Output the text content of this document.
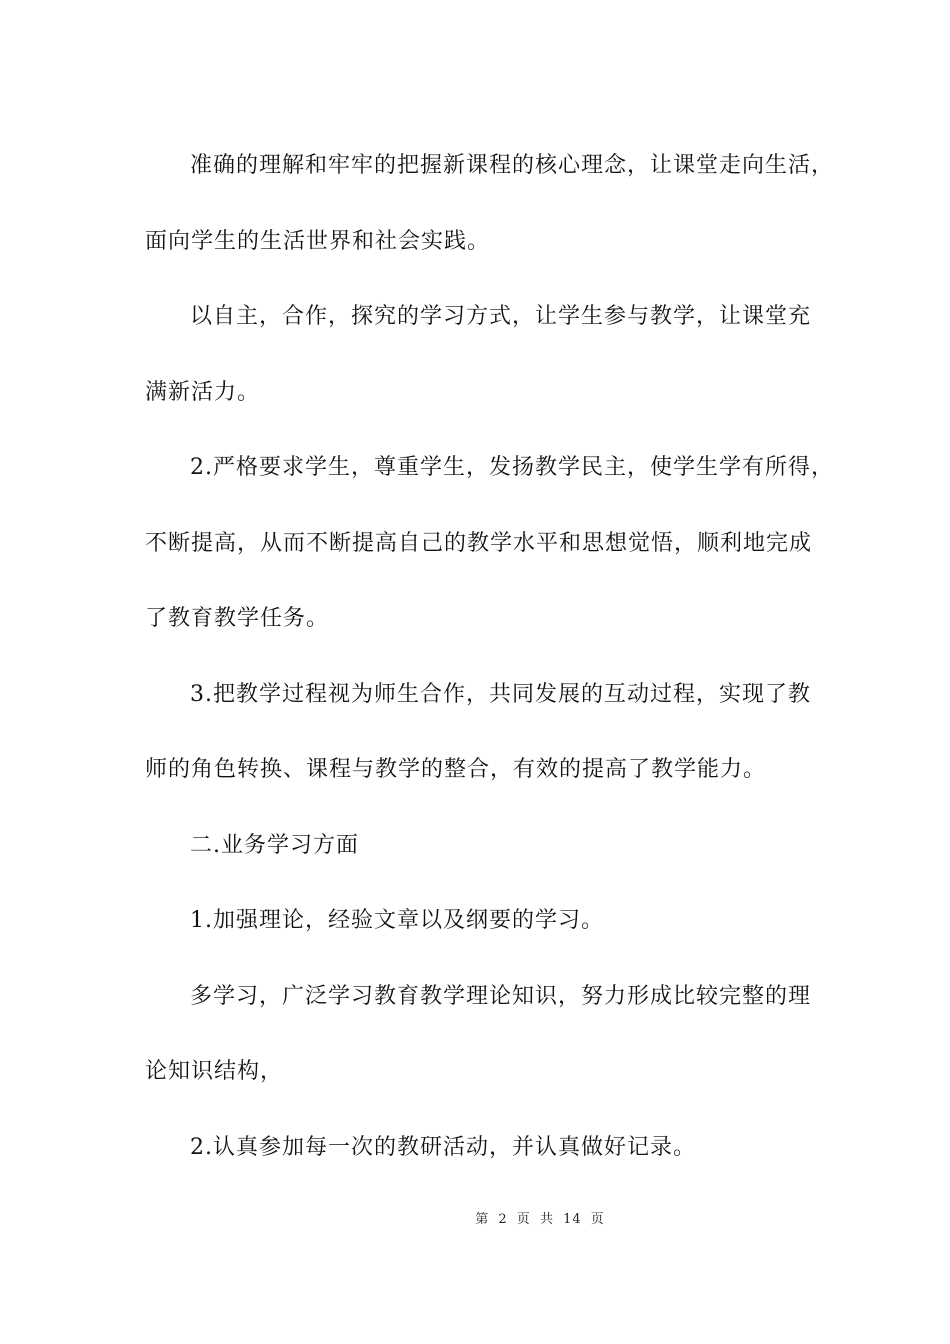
准确的理解和牢牢的把握新课程的核心理念，让课堂走向生活，
面向学生的生活世界和社会实践。
以自主，合作，探究的学习方式，让学生参与教学，让课堂充
满新活力。
2.严格要求学生，尊重学生，发扬教学民主，使学生学有所得，
不断提高，从而不断提高自己的教学水平和思想觉悟，顺利地完成
了教育教学任务。
3.把教学过程视为师生合作，共同发展的互动过程，实现了教
师的角色转换、课程与教学的整合，有效的提高了教学能力。
二.业务学习方面
1.加强理论，经验文章以及纲要的学习。
多学习，广泛学习教育教学理论知识，努力形成比较完整的理
论知识结构，
2.认真参加每一次的教研活动，并认真做好记录。
第 2 页 共 14 页
